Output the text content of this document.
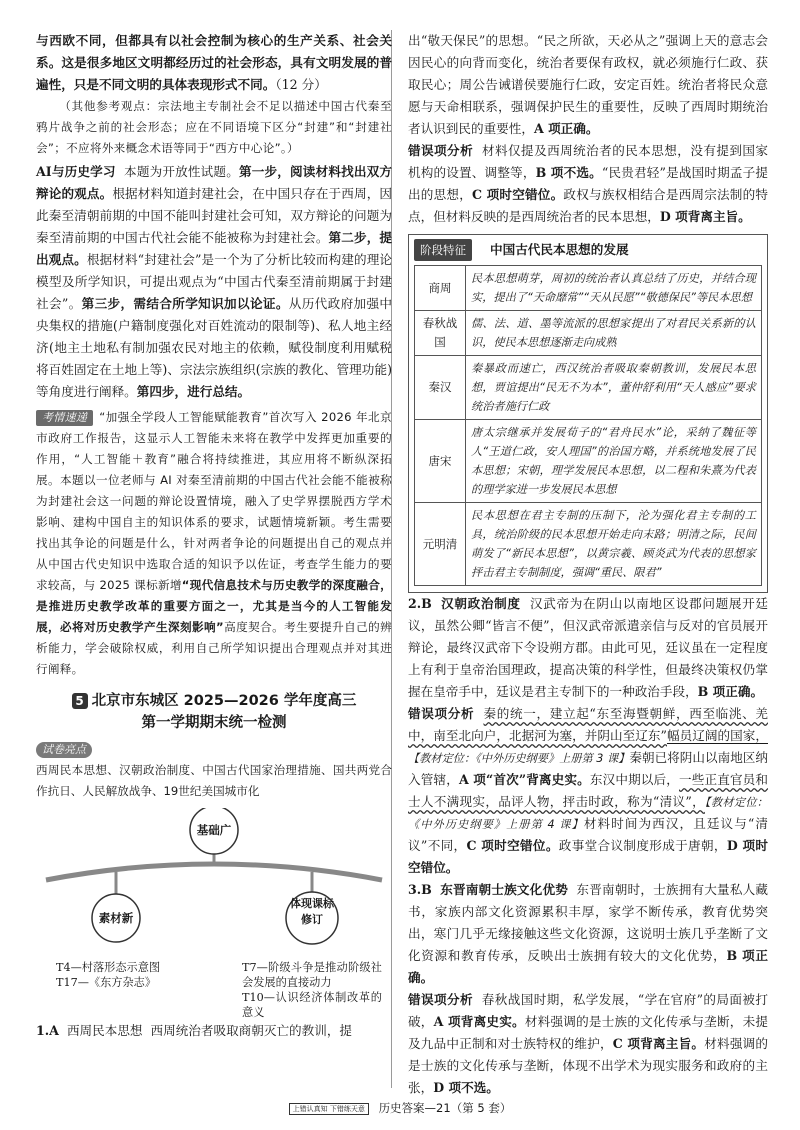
与西欧不同，但都具有以社会控制为核心的生产关系、社会关系。这是很多地区文明都经历过的社会形态，具有文明发展的普遍性，只是不同文明的具体表现形式不同。（12 分）

（其他参考观点：宗法地主专制社会不足以描述中国古代秦至鸦片战争之前的社会形态；应在不同语境下区分“封建”和“封建社会”；不应将外来概念术语等同于“西方中心论”。）

AI与历史学习 本题为开放性试题。第一步，阅读材料找出双方辩论的观点。根据材料知道封建社会，在中国只存在于西周，因此秦至清朝前期的中国不能叫封建社会可知，双方辩论的问题为秦至清前期的中国古代社会能不能被称为封建社会。第二步，提出观点。根据材料“封建社会”是一个为了分析比较而构建的理论模型及所学知识，可提出观点为“中国古代秦至清前期属于封建社会”。第三步，需结合所学知识加以论证。从历代政府加强中央集权的措施(户籍制度强化对百姓流动的限制等)、私人地主经济(地主土地私有制加强农民对地主的依赖，赋役制度利用赋税将百姓固定在土地上等)、宗法宗族组织(宗族的教化、管理功能)等角度进行阐释。第四步，进行总结。

考情速递 “加强全学段人工智能赋能教育”首次写入 2026 年北京市政府工作报告，这显示人工智能未来将在教学中发挥更加重要的作用，“人工智能＋教育”融合将持续推进，其应用将不断纵深拓展。本题以一位老师与 AI 对秦至清前期的中国古代社会能不能被称为封建社会这一问题的辩论设置情境，融入了史学界摆脱西方学术影响、建构中国自主的知识体系的要求，试题情境新颖。考生需要找出其争论的问题是什么，针对两者争论的问题提出自己的观点并从中国古代史知识中选取合适的知识予以佐证，考查学生能力的要求较高，与 2025 课标新增“现代信息技术与历史教学的深度融合，是推进历史教学改革的重要方面之一，尤其是当今的人工智能发展，必将对历史教学产生深刻影响”高度契合。考生要提升自己的辨析能力，学会破除权威，利用自己所学知识提出合理观点并对其进行阐释。

5 北京市东城区 2025—2026 学年度高三
第一学期期末统一检测
试卷亮点

西周民本思想、汉朝政治制度、中国古代国家治理措施、国共两党合作抗日、人民解放战争、19世纪美国城市化

基础广
素材新
体现课标修订
T4—村落形态示意图
T17—《东方杂志》
T7—阶级斗争是推动阶级社会发展的直接动力
T10—认识经济体制改革的意义

1.A 西周民本思想 西周统治者吸取商朝灭亡的教训，提

出“敬天保民”的思想。“民之所欲，天必从之”强调上天的意志会因民心的向背而变化，统治者要保有政权，就必须施行仁政、获取民心；周公告诫谱侯要施行仁政，安定百姓。统治者将民众意愿与天命相联系，强调保护民生的重要性，反映了西周时期统治者认识到民的重要性，A 项正确。

错误项分析 材料仅提及西周统治者的民本思想，没有提到国家机构的设置、调整等，B 项不选。“民贵君轻”是战国时期孟子提出的思想，C 项时空错位。政权与族权相结合是西周宗法制的特点，但材料反映的是西周统治者的民本思想，D 项背离主旨。

阶段特征	中国古代民本思想的发展
商周	民本思想萌芽，周初的统治者认真总结了历史，并结合现实，提出了“天命靡常”“天从民愿”“敬德保民”等民本思想
春秋战国	儒、法、道、墨等流派的思想家提出了对君民关系新的认识，使民本思想逐渐走向成熟
秦汉	秦暴政而速亡，西汉统治者吸取秦朝教训，发展民本思想，贾谊提出“民无不为本”，董仲舒利用“天人感应”要求统治者施行仁政
唐宋	唐太宗继承并发展荀子的“君舟民水”论，采纳了魏征等人“王道仁政，安人理国”的治国方略，并系统地发展了民本思想；宋朝，理学发展民本思想，以二程和朱熹为代表的理学家进一步发展民本思想
元明清	民本思想在君主专制的压制下，沦为强化君主专制的工具，统治阶级的民本思想开始走向末路；明清之际，民间萌发了“新民本思想”，以黄宗羲、顾炎武为代表的思想家抨击君主专制制度，强调“重民、限君”

2.B 汉朝政治制度 汉武帝为在阴山以南地区设郡问题展开廷议，虽然公卿“皆言不便”，但汉武帝派遣亲信与反对的官员展开辩论，最终汉武帝下令设朔方郡。由此可见，廷议虽在一定程度上有利于皇帝治国理政，提高决策的科学性，但最终决策权仍掌握在皇帝手中，廷议是君主专制下的一种政治手段，B 项正确。

错误项分析 秦的统一，建立起“东至海暨朝鲜，西至临洮、羌中，南至北向户，北据河为塞，并阴山至辽东”幅员辽阔的国家，【教材定位：《中外历史纲要》上册第 3 课】秦朝已将阴山以南地区纳入管辖，A 项“首次”背离史实。东汉中期以后，一些正直官员和士人不满现实，品评人物，抨击时政，称为“清议”，【教材定位：《中外历史纲要》上册第 4 课】材料时间为西汉，且廷议与“清议”不同，C 项时空错位。政事堂合议制度形成于唐朝，D 项时空错位。

3.B 东晋南朝士族文化优势 东晋南朝时，士族拥有大量私人藏书，家族内部文化资源累积丰厚，家学不断传承，教育优势突出，寒门几乎无缘接触这些文化资源，这说明士族几乎垄断了文化资源和教育传承，反映出士族拥有较大的文化优势，B 项正确。

错误项分析 春秋战国时期，私学发展，“学在官府”的局面被打破，A 项背离史实。材料强调的是士族的文化传承与垄断，未提及九品中正制和对士族特权的维护，C 项背离主旨。材料强调的是士族的文化传承与垄断，体现不出学术为现实服务和政府的主张，D 项不选。

上错认真知 下错练天意 历史答案—21（第 5 套）
